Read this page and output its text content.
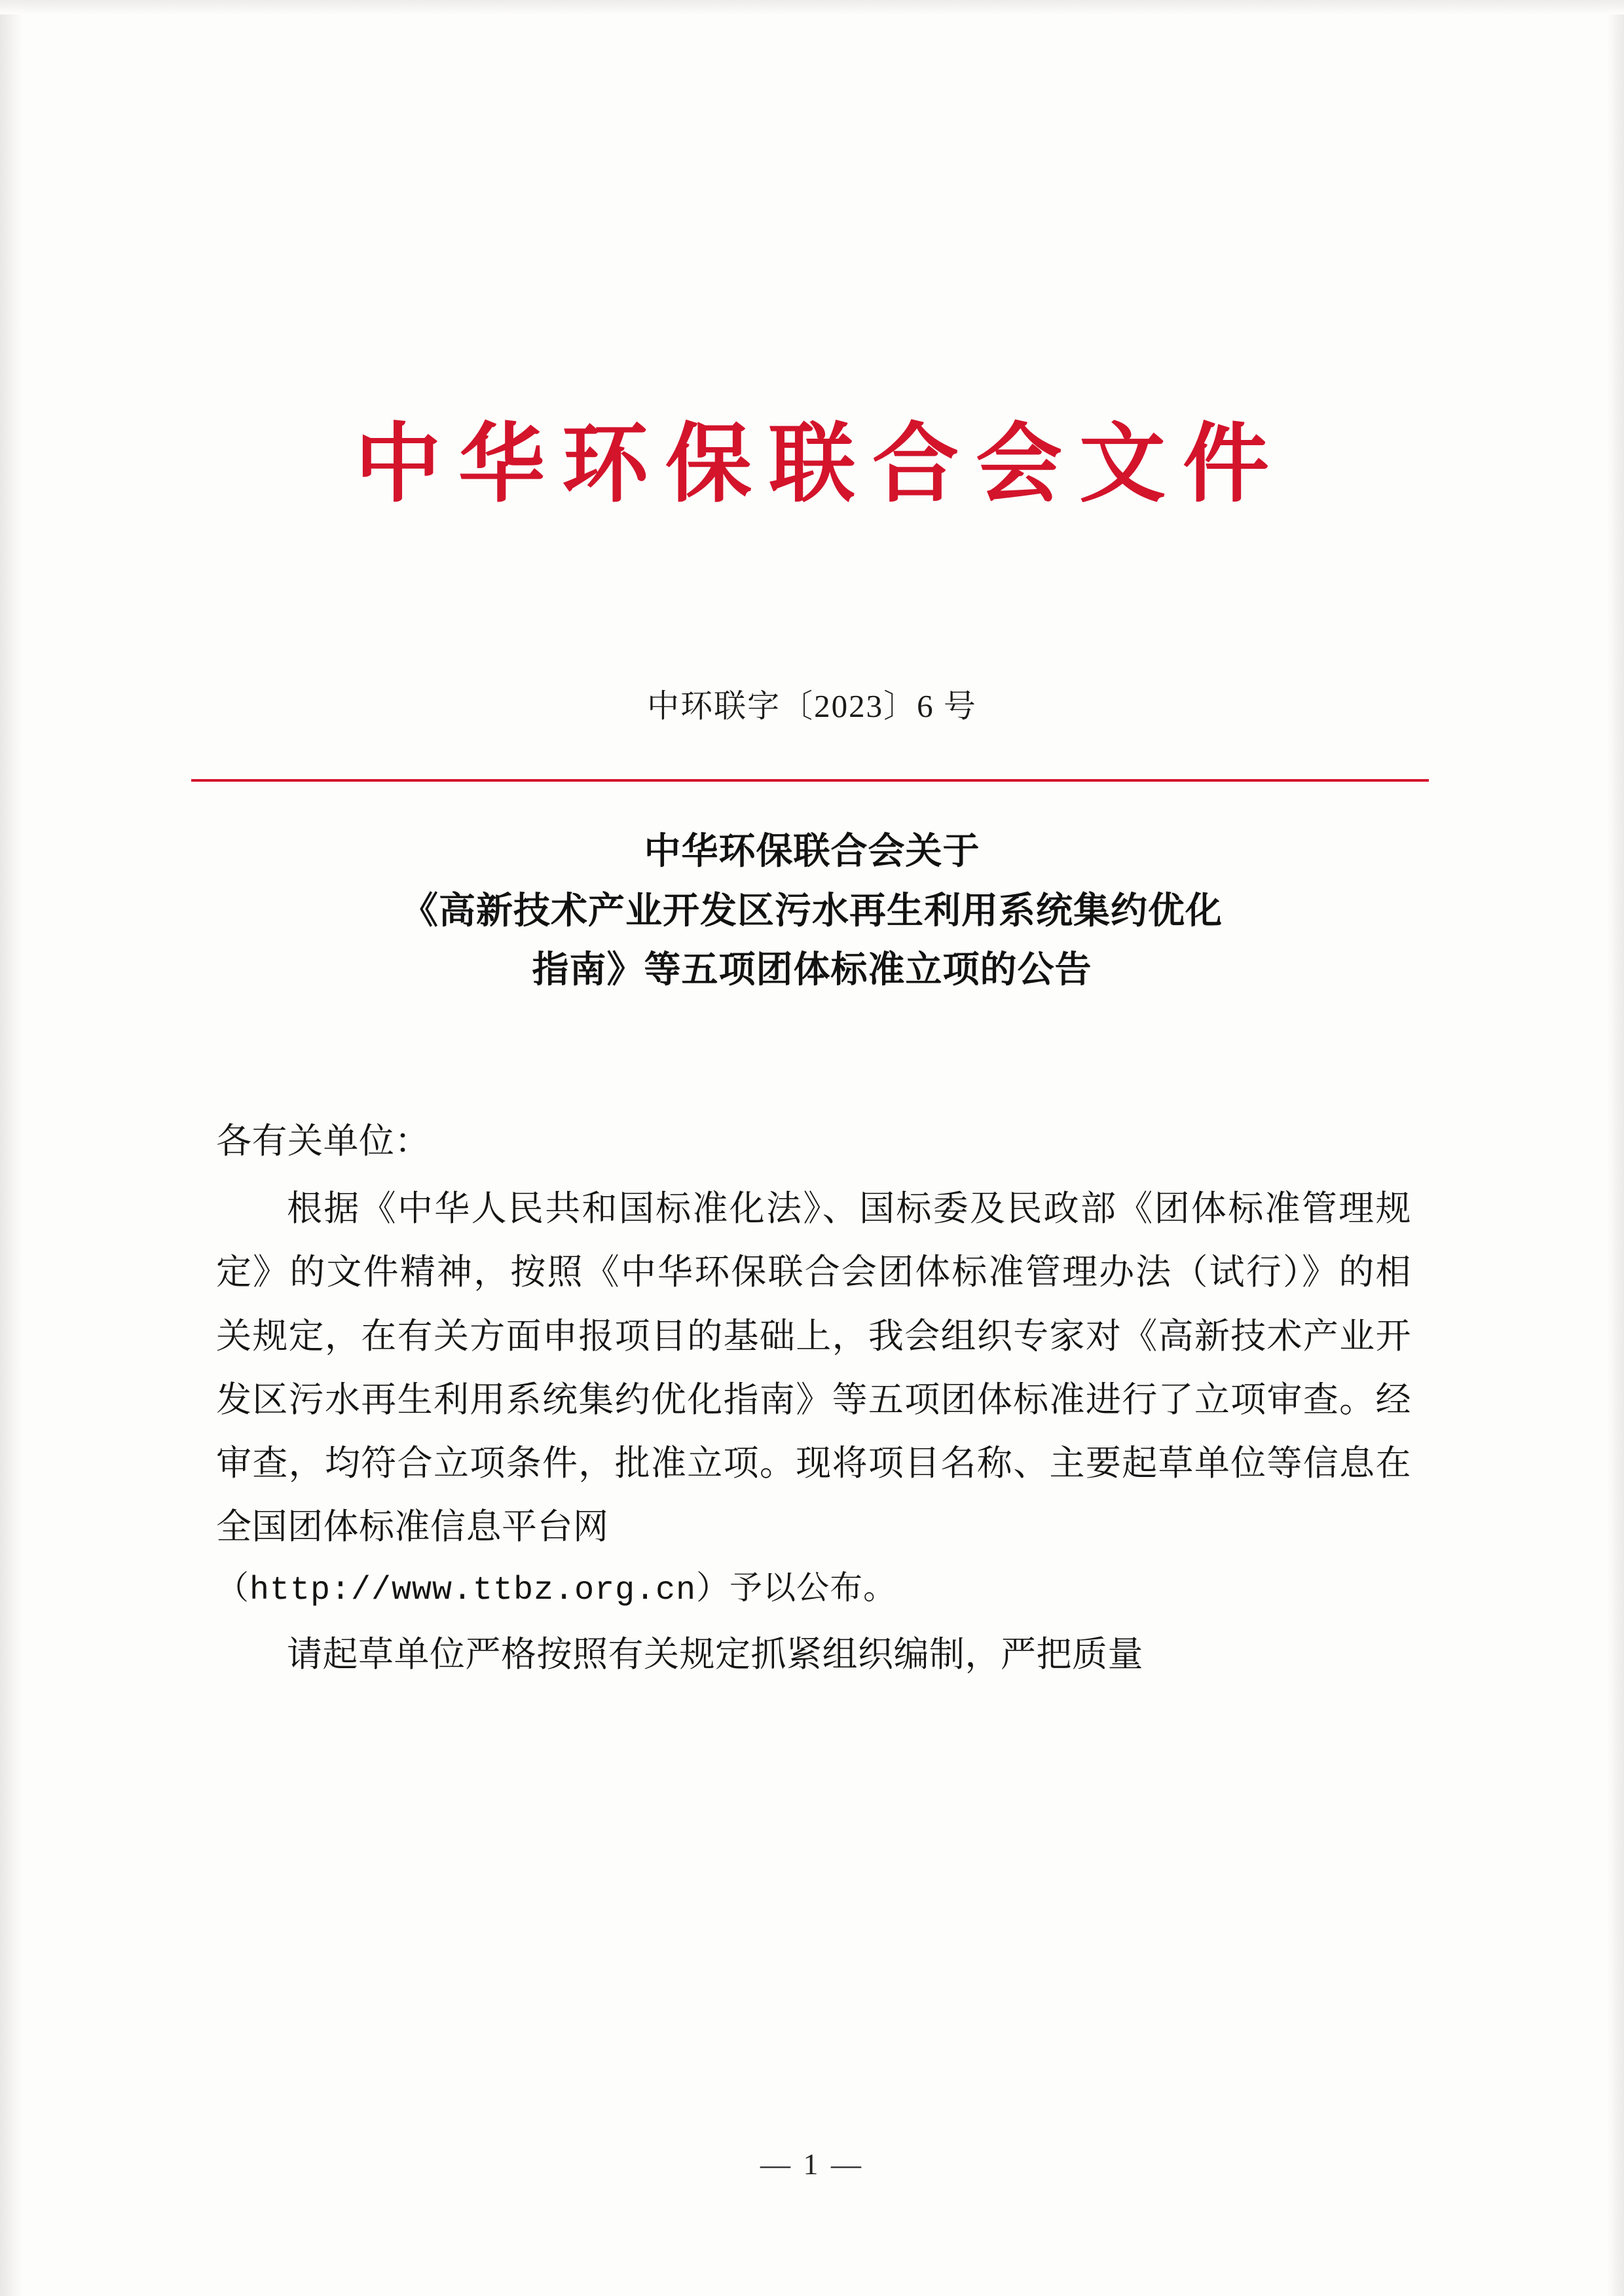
中华环保联合会文件
中环联字〔2023〕6 号
中华环保联合会关于
《高新技术产业开发区污水再生利用系统集约优化
指南》等五项团体标准立项的公告
各有关单位：
根据《中华人民共和国标准化法》、国标委及民政部《团体标准管理规定》的文件精神，按照《中华环保联合会团体标准管理办法（试行）》的相关规定，在有关方面申报项目的基础上，我会组织专家对《高新技术产业开发区污水再生利用系统集约优化指南》等五项团体标准进行了立项审查。经审查，均符合立项条件，批准立项。现将项目名称、主要起草单位等信息在全国团体标准信息平台网
（http://www.ttbz.org.cn）予以公布。
请起草单位严格按照有关规定抓紧组织编制，严把质量
— 1 —
